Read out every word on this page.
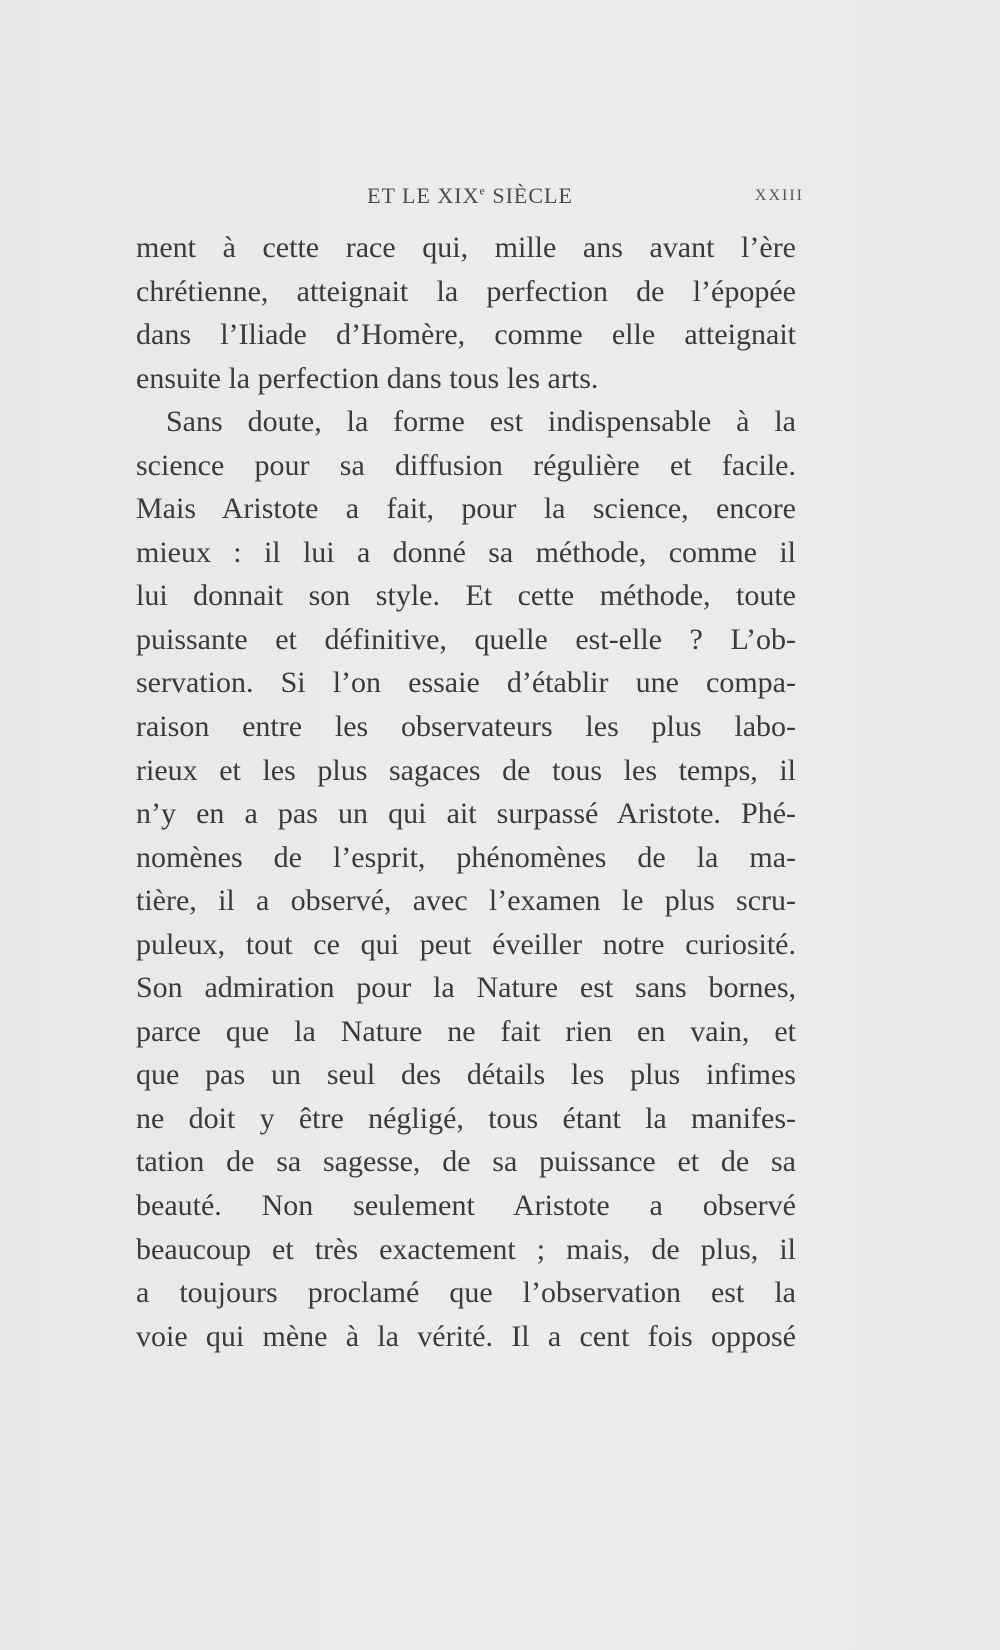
ET LE XIXe SIÈCLE	XXIII
ment à cette race qui, mille ans avant l’ère
chrétienne, atteignait la perfection de l’épopée
dans l’Iliade d’Homère, comme elle atteignait
ensuite la perfection dans tous les arts.
Sans doute, la forme est indispensable à la
science pour sa diffusion régulière et facile.
Mais Aristote a fait, pour la science, encore
mieux : il lui a donné sa méthode, comme il
lui donnait son style. Et cette méthode, toute
puissante et définitive, quelle est-elle ? L’ob-
servation. Si l’on essaie d’établir une compa-
raison entre les observateurs les plus labo-
rieux et les plus sagaces de tous les temps, il
n’y en a pas un qui ait surpassé Aristote. Phé-
nomènes de l’esprit, phénomènes de la ma-
tière, il a observé, avec l’examen le plus scru-
puleux, tout ce qui peut éveiller notre curiosité.
Son admiration pour la Nature est sans bornes,
parce que la Nature ne fait rien en vain, et
que pas un seul des détails les plus infimes
ne doit y être négligé, tous étant la manifes-
tation de sa sagesse, de sa puissance et de sa
beauté. Non seulement Aristote a observé
beaucoup et très exactement ; mais, de plus, il
a toujours proclamé que l’observation est la
voie qui mène à la vérité. Il a cent fois opposé
